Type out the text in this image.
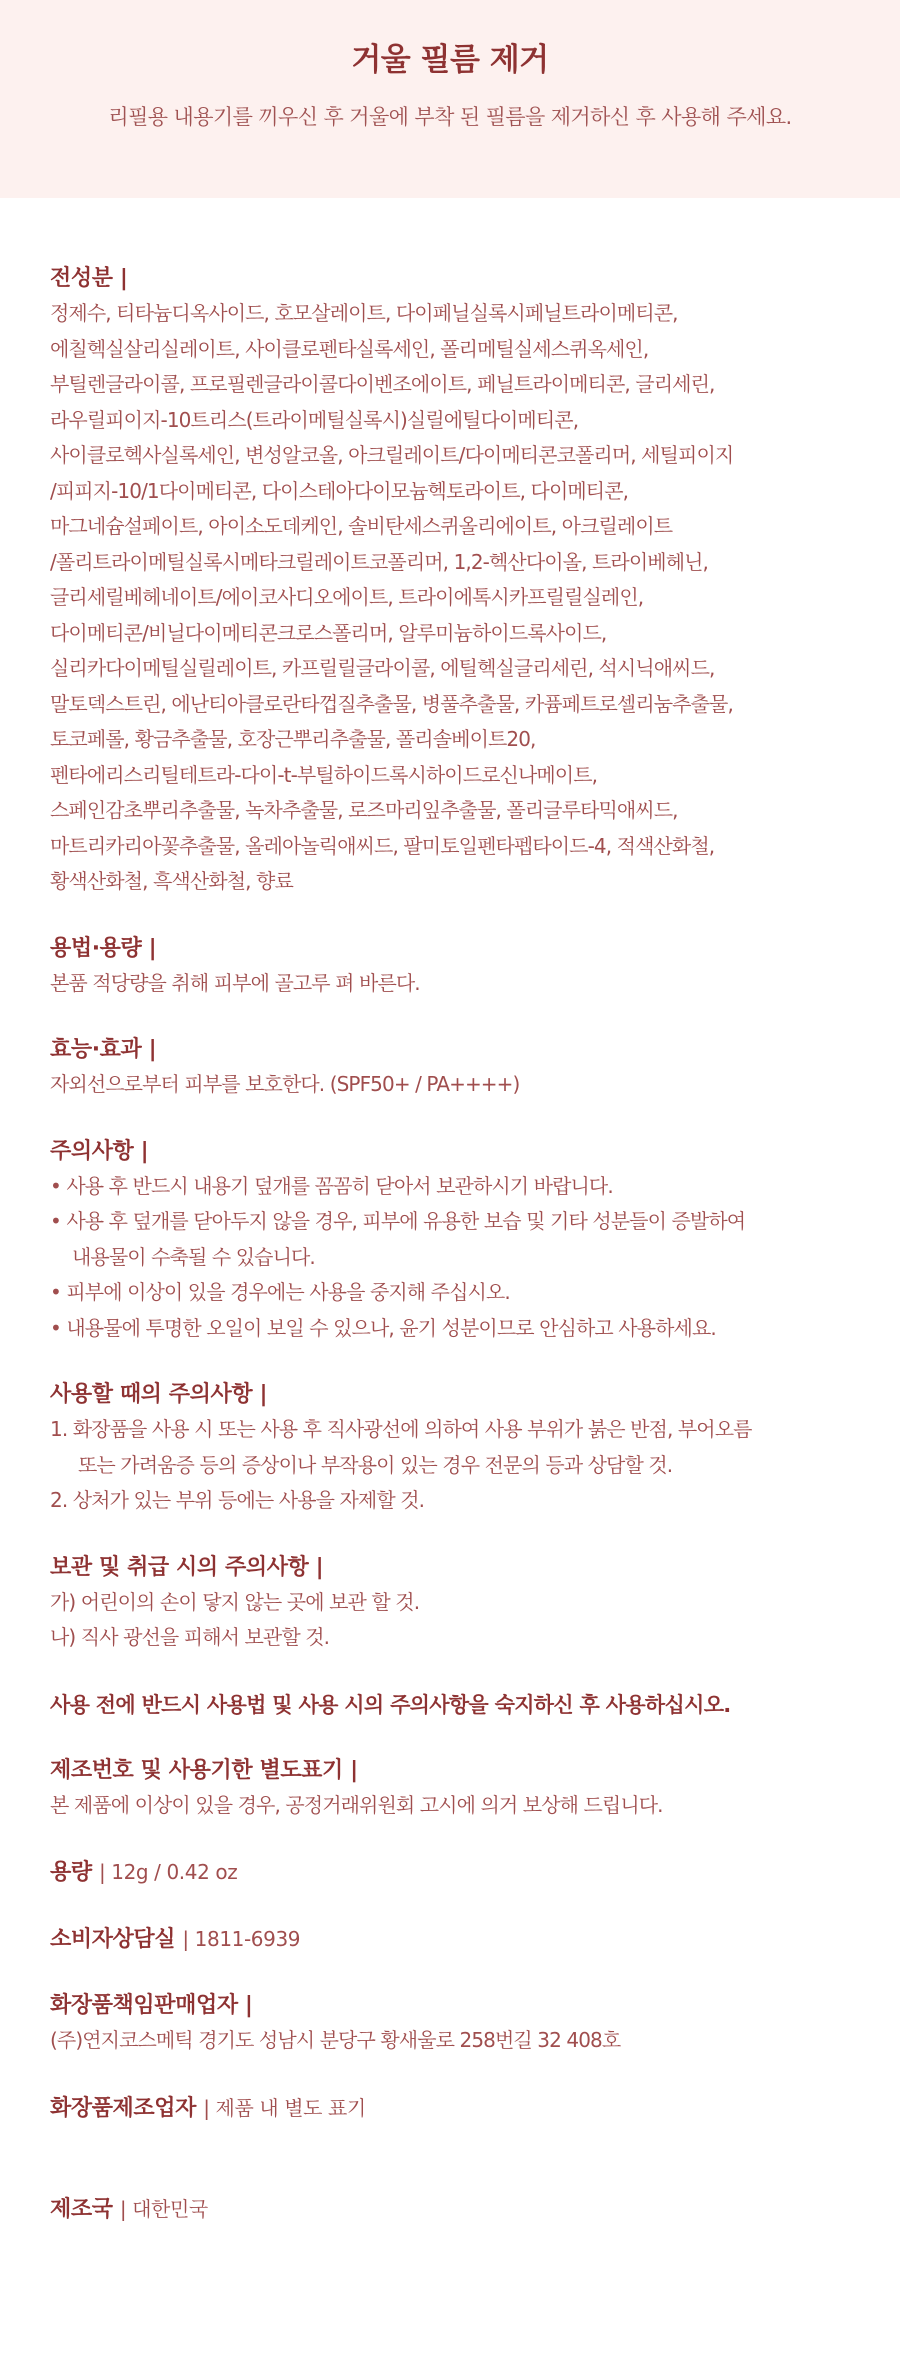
거울 필름 제거
리필용 내용기를 끼우신 후 거울에 부착 된 필름을 제거하신 후 사용해 주세요.
전성분 |
정제수, 티타늄디옥사이드, 호모살레이트, 다이페닐실록시페닐트라이메티콘,
에칠헥실살리실레이트, 사이클로펜타실록세인, 폴리메틸실세스퀴옥세인,
부틸렌글라이콜, 프로필렌글라이콜다이벤조에이트, 페닐트라이메티콘, 글리세린,
라우릴피이지-10트리스(트라이메틸실록시)실릴에틸다이메티콘,
사이클로헥사실록세인, 변성알코올, 아크릴레이트/다이메티콘코폴리머, 세틸피이지
/피피지-10/1다이메티콘, 다이스테아다이모늄헥토라이트, 다이메티콘,
마그네슘설페이트, 아이소도데케인, 솔비탄세스퀴올리에이트, 아크릴레이트
/폴리트라이메틸실록시메타크릴레이트코폴리머, 1,2-헥산다이올, 트라이베헤닌,
글리세릴베헤네이트/에이코사디오에이트, 트라이에톡시카프릴릴실레인,
다이메티콘/비닐다이메티콘크로스폴리머, 알루미늄하이드록사이드,
실리카다이메틸실릴레이트, 카프릴릴글라이콜, 에틸헥실글리세린, 석시닉애씨드,
말토덱스트린, 에난티아클로란타껍질추출물, 병풀추출물, 카퓸페트로셀리눔추출물,
토코페롤, 황금추출물, 호장근뿌리추출물, 폴리솔베이트20,
펜타에리스리틸테트라-다이-t-부틸하이드록시하이드로신나메이트,
스페인감초뿌리추출물, 녹차추출물, 로즈마리잎추출물, 폴리글루타믹애씨드,
마트리카리아꽃추출물, 올레아놀릭애씨드, 팔미토일펜타펩타이드-4, 적색산화철,
황색산화철, 흑색산화철, 향료
용법·용량 |
본품 적당량을 취해 피부에 골고루 펴 바른다.
효능·효과 |
자외선으로부터 피부를 보호한다. (SPF50+ / PA++++)
주의사항 |
• 사용 후 반드시 내용기 덮개를 꼼꼼히 닫아서 보관하시기 바랍니다.
• 사용 후 덮개를 닫아두지 않을 경우, 피부에 유용한 보습 및 기타 성분들이 증발하여
내용물이 수축될 수 있습니다.
• 피부에 이상이 있을 경우에는 사용을 중지해 주십시오.
• 내용물에 투명한 오일이 보일 수 있으나, 윤기 성분이므로 안심하고 사용하세요.
사용할 때의 주의사항 |
1. 화장품을 사용 시 또는 사용 후 직사광선에 의하여 사용 부위가 붉은 반점, 부어오름
또는 가려움증 등의 증상이나 부작용이 있는 경우 전문의 등과 상담할 것.
2. 상처가 있는 부위 등에는 사용을 자제할 것.
보관 및 취급 시의 주의사항 |
가) 어린이의 손이 닿지 않는 곳에 보관 할 것.
나) 직사 광선을 피해서 보관할 것.
사용 전에 반드시 사용법 및 사용 시의 주의사항을 숙지하신 후 사용하십시오.
제조번호 및 사용기한 별도표기 |
본 제품에 이상이 있을 경우, 공정거래위원회 고시에 의거 보상해 드립니다.
용량 | 12g / 0.42 oz
소비자상담실 | 1811-6939
화장품책임판매업자 |
(주)연지코스메틱 경기도 성남시 분당구 황새울로 258번길 32 408호
화장품제조업자 | 제품 내 별도 표기
제조국 | 대한민국
